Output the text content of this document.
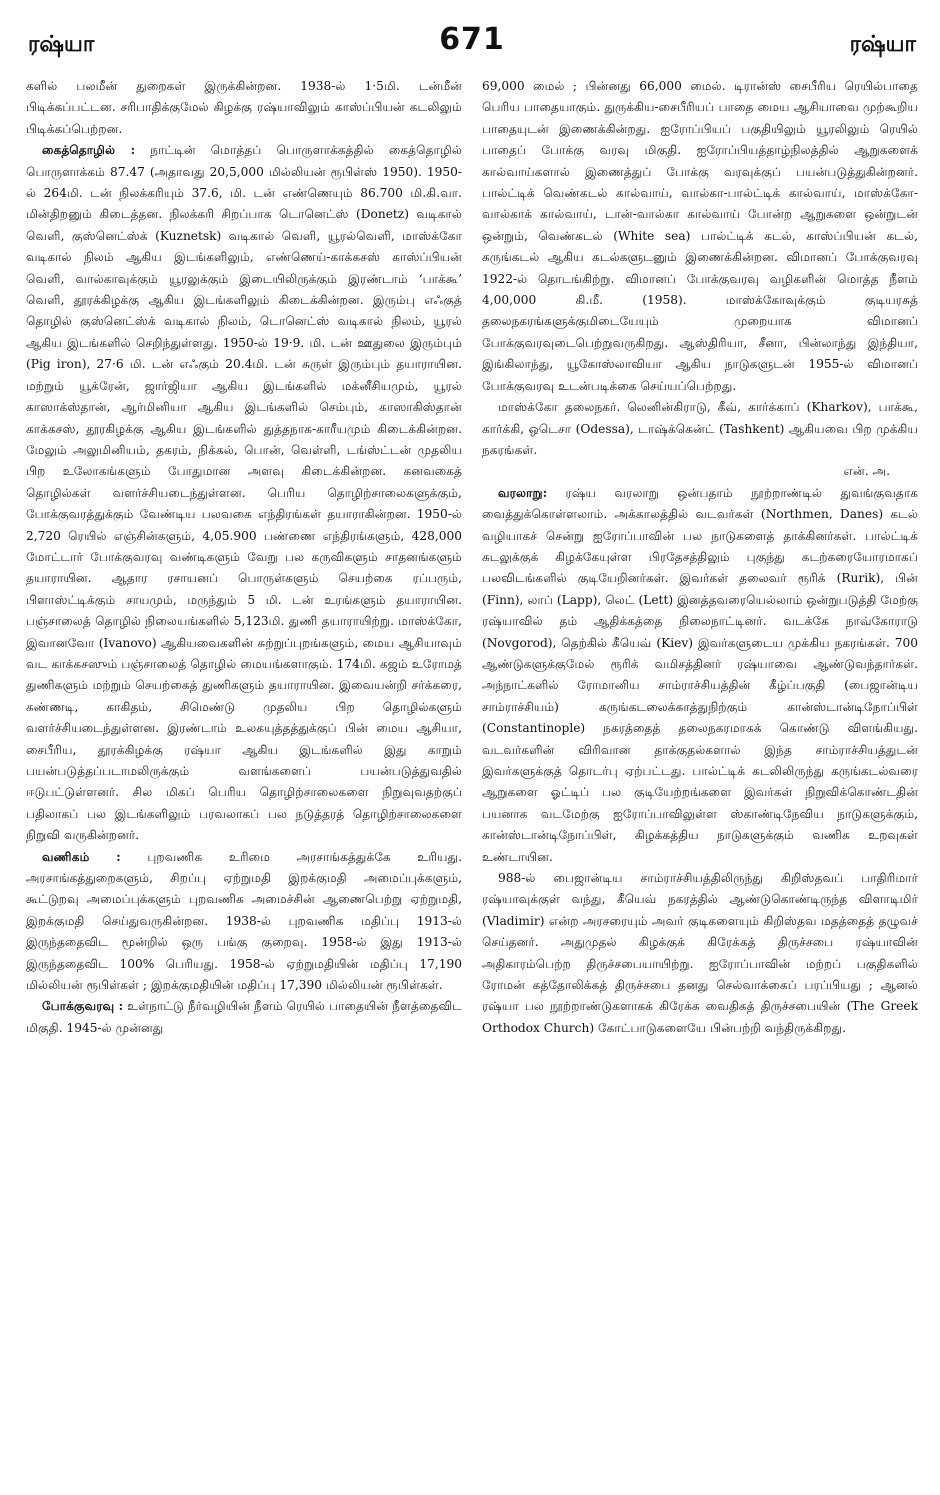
ரஷ்யா	671	ரஷ்யா

களில் பலமீன் துறைகள் இருக்கின்றன. 1938-ல் 1·5மி. டன்மீன் பிடிக்கப்பட்டன. சரிபாதிக்குமேல் கிழக்கு ரஷ்யாவிலும் காஸ்ப்பியன் கடலிலும் பிடிக்கப்பெற்றன.

கைத்தொழில் : நாட்டின் மொத்தப் பொருளாக்கத்தில் கைத்தொழில் பொருளாக்கம் 87.47 (அதாவது 20,5,000 மில்லியன் ரூபிள்ஸ் 1950). 1950-ல் 264மி. டன் நிலக்கரியும் 37.6, மி. டன் எண்ணெயும் 86.700 மி.கி.வா. மின்திறனும் கிடைத்தன. நிலக்கரி சிறப்பாக டொனெட்ஸ் (Donetz) வடிகால் வெளி, குஸ்னெட்ஸ்க் (Kuznetsk) வடிகால் வெளி, யூரல்வெளி, மாஸ்க்கோ வடிகால் நிலம் ஆகிய இடங்களிலும், எண்ணெய்-காக்கசஸ் காஸ்ப்பியன் வெளி, வால்காவுக்கும் யூரலுக்கும் இடையிலிருக்கும் இரண்டாம் ‘பாக்கூ’ வெளி, தூரக்கிழக்கு ஆகிய இடங்களிலும் கிடைக்கின்றன. இரும்பு எஃகுத் தொழில் குஸ்னெட்ஸ்க் வடிகால் நிலம், டொனெட்ஸ் வடிகால் நிலம், யூரல் ஆகிய இடங்களில் செறிந்துள்ளது. 1950-ல் 19·9. மி. டன் ஊதுலை இரும்பும் (Pig iron), 27·6 மி. டன் எஃகும் 20.4மி. டன் சுருள் இரும்பும் தயாராயின. மற்றும் யூக்ரேன், ஜார்ஜியா ஆகிய இடங்களில் மக்னீசியமும், யூரல் காஸாக்ஸ்தான், ஆர்மினியா ஆகிய இடங்களில் செம்பும், காஸாகிஸ்தான் காக்கசஸ், தூரகிழக்கு ஆகிய இடங்களில் துத்தநாக-காரீயமும் கிடைக்கின்றன. மேலும் அலுமினியம், தகரம், நிக்கல், பொன், வெள்ளி, டங்ஸ்ட்டன் முதலிய பிற உலோகங்களும் போதுமான அளவு கிடைக்கின்றன. கனவகைத் தொழில்கள் வளர்ச்சியடைந்துள்ளன. பெரிய தொழிற்சாலைகளுக்கும், போக்குவரத்துக்கும் வேண்டிய பலவகை எந்திரங்கள் தயாராகின்றன. 1950-ல் 2,720 ரெயில் எஞ்சின்களும், 4,05.900 பண்ணை எந்திரங்களும், 428,000 மோட்டார் போக்குவரவு வண்டிகளும் வேறு பல கருவிகளும் சாதனங்களும் தயாராயின. ஆதார ரசாயனப் பொருள்களும் செயற்கை ரப்பரும், பிளாஸ்ட்டிக்கும் சாயமும், மருந்தும் 5 மி. டன் உரங்களும் தயாராயின. பஞ்சாலைத் தொழில் நிலையங்களில் 5,123மி. துணி தயாராயிற்று. மாஸ்க்கோ, இவானவோ (Ivanovo) ஆகியவைகளின் சுற்றுப்புறங்களும், மைய ஆசியாவும் வட காக்கசஸும் பஞ்சாலைத் தொழில் மையங்களாகும். 174மி. கஜம் உரோமத் துணிகளும் மற்றும் செயற்கைத் துணிகளும் தயாராயின. இவையன்றி சர்க்கரை, கண்ணடி, காகிதம், சிமெண்டு முதலிய பிற தொழில்களும் வளர்ச்சியடைந்துள்ளன. இரண்டாம் உலகயுத்தத்துக்குப் பின் மைய ஆசியா, சைபீரிய, தூரக்கிழக்கு ரஷ்யா ஆகிய இடங்களில் இது காறும் பயன்படுத்தப்படாமலிருக்கும் வளங்களைப் பயன்படுத்துவதில் ஈடுபட்டுள்ளனர். சில மிகப் பெரிய தொழிற்சாலைகளை நிறுவுவதற்குப் பதிலாகப் பல இடங்களிலும் பரவலாகப் பல நடுத்தரத் தொழிற்சாலைகளை நிறுவி வருகின்றனர்.

வணிகம் : புறவணிக உரிமை அரசாங்கத்துக்கே உரியது. அரசாங்கத்துறைகளும், சிறப்பு ஏற்றுமதி இறக்குமதி அமைப்புக்களும், கூட்டுறவு அமைப்புக்களும் புறவணிக அமைச்சின் ஆணைபெற்று ஏற்றுமதி, இறக்குமதி செய்துவருகின்றன. 1938-ல் புறவணிக மதிப்பு 1913-ல் இருந்ததைவிட மூன்றில் ஒரு பங்கு குறைவு. 1958-ல் இது 1913-ல் இருந்ததைவிட 100% பெரியது. 1958-ல் ஏற்றுமதியின் மதிப்பு 17,190 மில்லியன் ரூபிள்கள் ; இறக்குமதியின் மதிப்பு 17,390 மில்லியன் ரூபிள்கள்.

போக்குவரவு : உள்நாட்டு நீர்வழியின் நீளம் ரெயில் பாதையின் நீளத்தைவிட மிகுதி. 1945-ல் முன்னது

69,000 மைல் ; பின்னது 66,000 மைல். டிரான்ஸ் சைபீரிய ரெயில்பாதை பெரிய பாதையாகும். துருக்கிய-சைபீரியப் பாதை மைய ஆசியாவை முற்கூறிய பாதையுடன் இணைக்கின்றது. ஐரோப்பியப் பகுதியிலும் யூரலிலும் ரெயில் பாதைப் போக்கு வரவு மிகுதி. ஐரோப்பியத்தாழ்நிலத்தில் ஆறுகளைக் கால்வாய்களால் இணைத்துப் போக்கு வரவுக்குப் பயன்படுத்துகின்றனர். பால்ட்டிக் வெண்கடல் கால்வாய், வால்கா-பால்ட்டிக் கால்வாய், மாஸ்க்கோ-வால்காக் கால்வாய், டான்-வால்கா கால்வாய் போன்ற ஆறுகளை ஒன்றுடன் ஒன்றும், வெண்கடல் (White sea) பால்ட்டிக் கடல், காஸ்ப்பியன் கடல், கருங்கடல் ஆகிய கடல்களுடனும் இணைக்கின்றன. விமானப் போக்குவரவு 1922-ல் தொடங்கிற்று. விமானப் போக்குவரவு வழிகளின் மொத்த நீளம் 4,00,000 கி.மீ. (1958). மாஸ்க்கோவுக்கும் குடியரசுத் தலைநகரங்களுக்குமிடையேயும் முறையாக விமானப் போக்குவரவுடைபெற்றுவருகிறது. ஆஸ்திரியா, சீனா, பின்லாந்து இந்தியா, இங்கிலாந்து, யூகோஸ்லாவியா ஆகிய நாடுகளுடன் 1955-ல் விமானப் போக்குவரவு உடன்படிக்கை செய்யப்பெற்றது.

மாஸ்க்கோ தலைநகர். லெனின்கிராடு, கீவ், கார்க்காப் (Kharkov), பாக்கூ, கார்க்கி, ஒடெசா (Odessa), டாஷ்க்கென்ட் (Tashkent) ஆகியவை பிற முக்கிய நகரங்கள்.

என். அ.

வரலாறு: ரஷ்ய வரலாறு ஒன்பதாம் நூற்றாண்டில் துவங்குவதாக வைத்துக்கொள்ளலாம். அக்காலத்தில் வடவர்கள் (Northmen, Danes) கடல் வழியாகச் சென்று ஐரோப்பாவின் பல நாடுகளைத் தாக்கினர்கள். பால்ட்டிக் கடலுக்குக் கிழக்கேயுள்ள பிரதேசத்திலும் புகுந்து கடற்கரையோரமாகப் பலவிடங்களில் குடியேறினர்கள். இவர்கள் தலைவர் ரூரிக் (Rurik), பின் (Finn), லாப் (Lapp), லெட் (Lett) இனத்தவரையெல்லாம் ஒன்றுபடுத்தி மேற்கு ரஷ்யாவில் தம் ஆதிக்கத்தை நிலைநாட்டினர். வடக்கே நாவ்கோராடு (Novgorod), தெற்கில் கீயெவ் (Kiev) இவர்களுடைய முக்கிய நகரங்கள். 700 ஆண்டுகளுக்குமேல் ரூரிக் வமிசத்தினர் ரஷ்யாவை ஆண்டுவந்தார்கள். அந்நாட்களில் ரோமானிய சாம்ராச்சியத்தின் கீழ்ப்பகுதி (பைஜான்டிய சாம்ராச்சியம்) கருங்கடலைக்காத்துநிற்கும் கான்ஸ்டான்டிநோப்பிள் (Constantinople) நகரத்தைத் தலைநகரமாகக் கொண்டு விளங்கியது. வடவர்களின் விரிவான தாக்குதல்களால் இந்த சாம்ராச்சியத்துடன் இவர்களுக்குத் தொடர்பு ஏற்பட்டது. பால்ட்டிக் கடலிலிருந்து கருங்கடல்வரை ஆறுகளை ஓட்டிப் பல குடியேற்றங்களை இவர்கள் நிறுவிக்கொண்டதின் பயனாக வடமேற்கு ஐரோப்பாவிலுள்ள ஸ்காண்டிநேவிய நாடுகளுக்கும், கான்ஸ்டான்டிநோப்பிள், கிழக்கத்திய நாடுகளுக்கும் வணிக உறவுகள் உண்டாயின.

988-ல் பைஜான்டிய சாம்ராச்சியத்திலிருந்து கிறிஸ்தவப் பாதிரிமார் ரஷ்யாவுக்குள் வந்து, கீயெவ் நகரத்தில் ஆண்டுகொண்டிருந்த விளாடிமிர் (Vladimir) என்ற அரசரையும் அவர் குடிகளையும் கிறிஸ்தவ மதத்தைத் தழுவச் செய்தனர். அதுமுதல் கிழக்குக் கிரேக்கத் திருச்சபை ரஷ்யாவின் அதிகாரம்பெற்ற திருச்சபையாயிற்று. ஐரோப்பாவின் மற்றப் பகுதிகளில் ரோமன் கத்தோலிக்கத் திருச்சபை தனது செல்வாக்கைப் பரப்பியது ; ஆனல் ரஷ்யா பல நூற்றாண்டுகளாகக் கிரேக்க வைதிகத் திருச்சபையின் (The Greek Orthodox Church) கோட்பாடுகளையே பின்பற்றி வந்திருக்கிறது.
